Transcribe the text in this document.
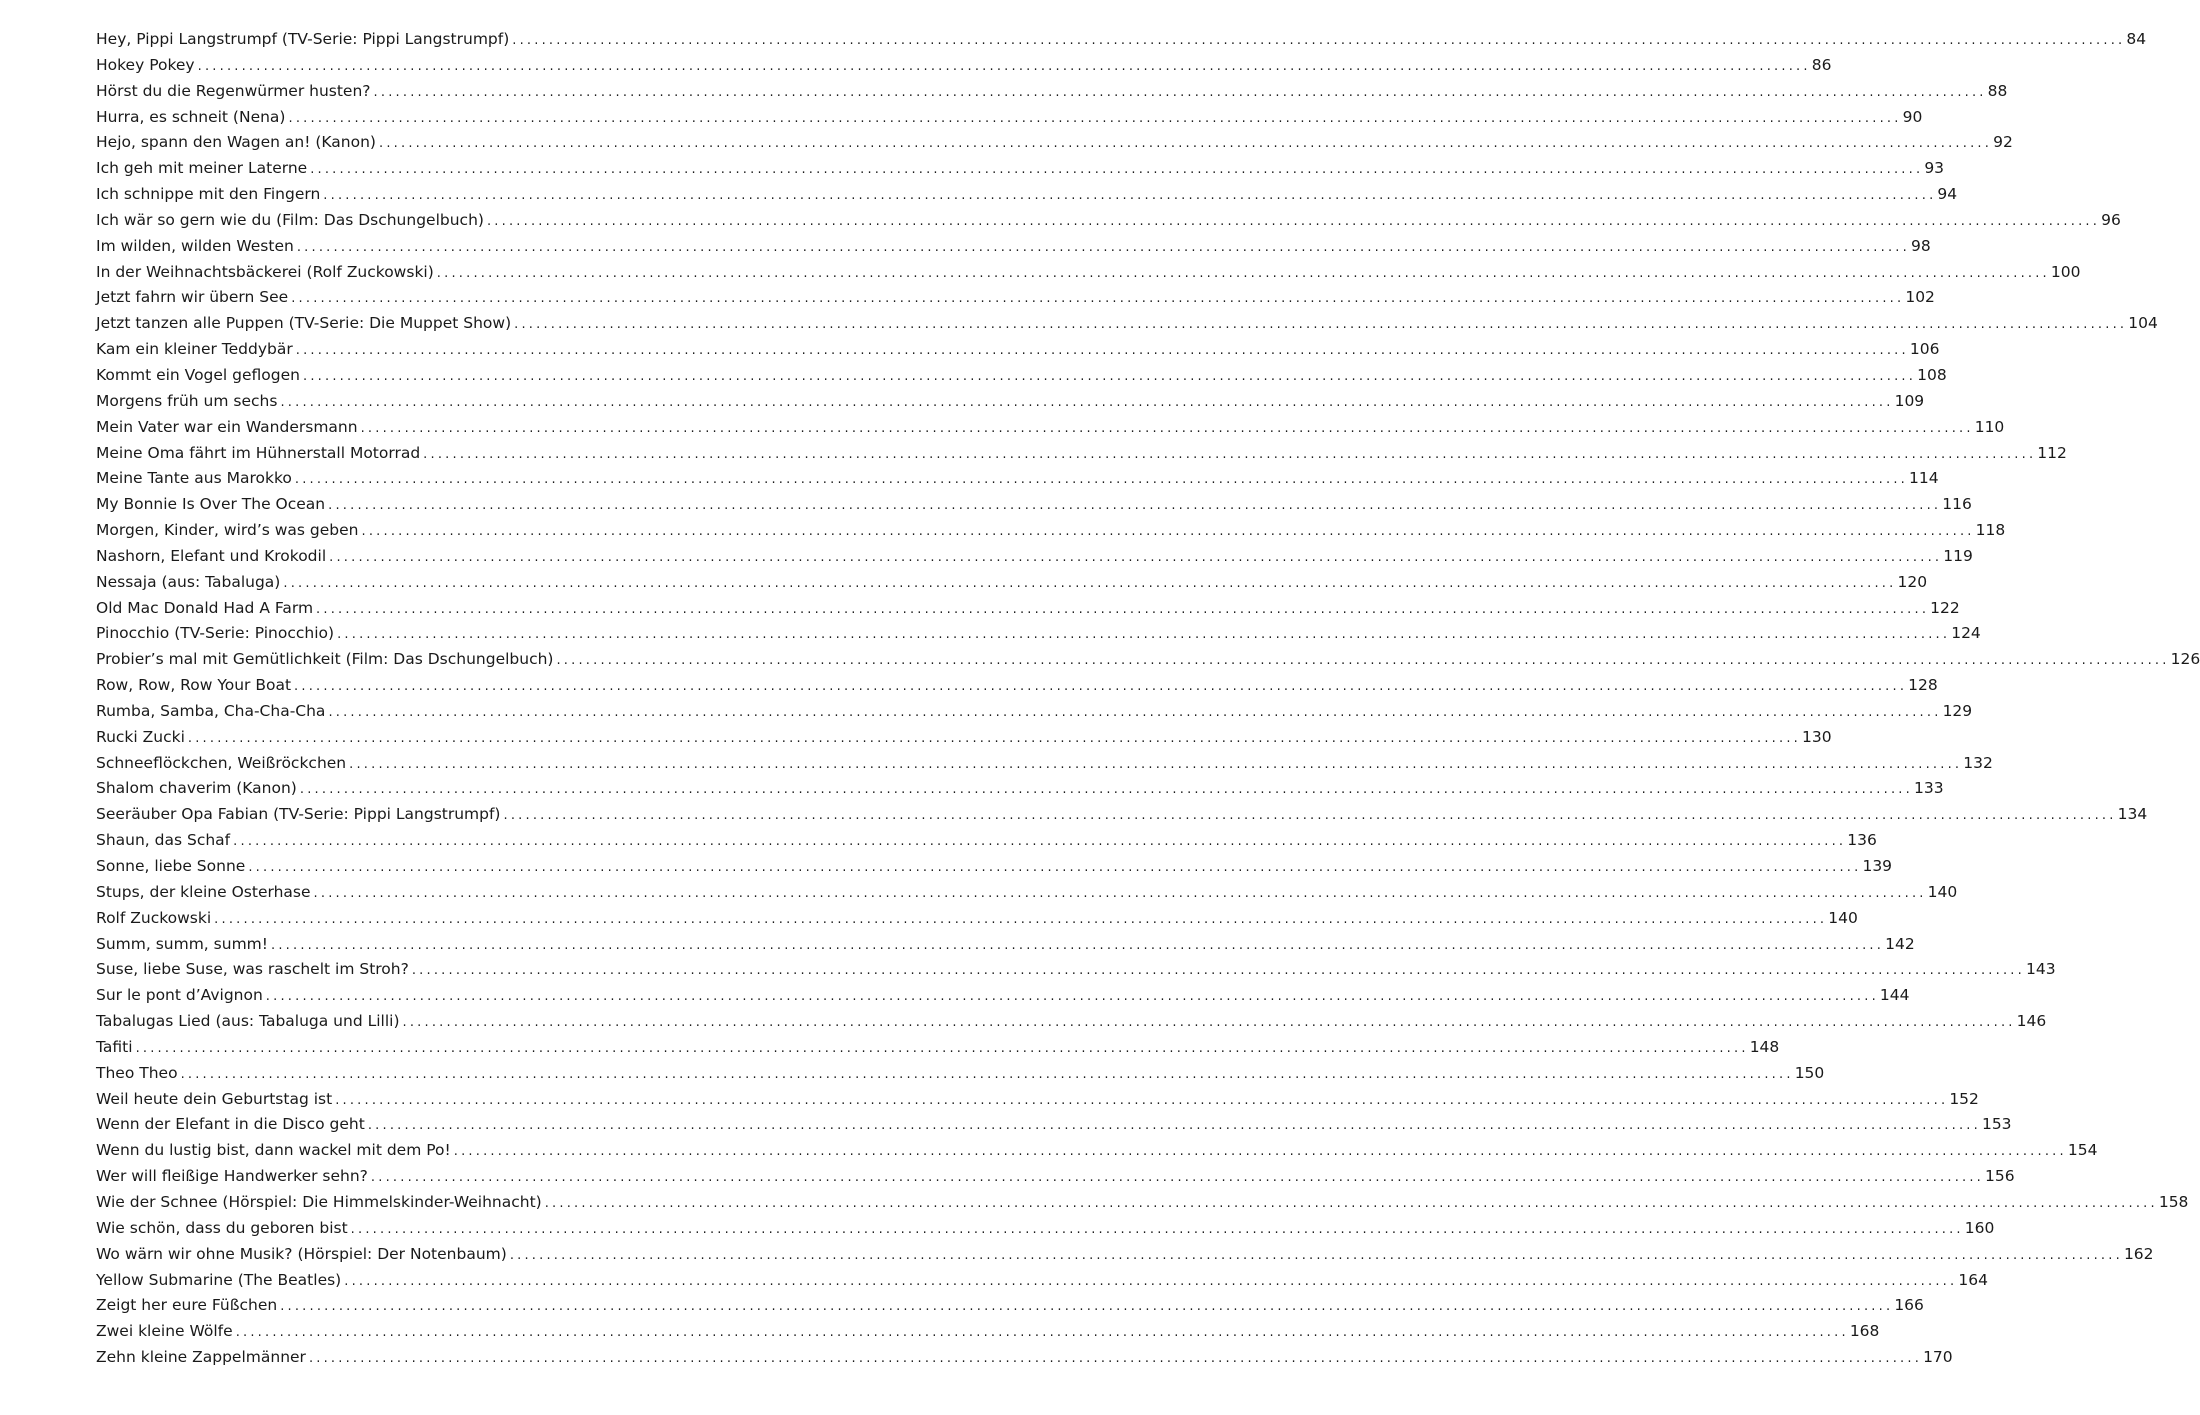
Hey, Pippi Langstrumpf (TV-Serie: Pippi Langstrumpf) ............................................................................................................................................................................................................................ 84
Hokey Pokey ............................................................................................................................................................................................................................ 86
Hörst du die Regenwürmer husten? ............................................................................................................................................................................................................................ 88
Hurra, es schneit (Nena) ............................................................................................................................................................................................................................ 90
Hejo, spann den Wagen an! (Kanon) ............................................................................................................................................................................................................................ 92
Ich geh mit meiner Laterne ............................................................................................................................................................................................................................ 93
Ich schnippe mit den Fingern ............................................................................................................................................................................................................................ 94
Ich wär so gern wie du (Film: Das Dschungelbuch) ............................................................................................................................................................................................................................ 96
Im wilden, wilden Westen ............................................................................................................................................................................................................................ 98
In der Weihnachtsbäckerei (Rolf Zuckowski) ............................................................................................................................................................................................................................ 100
Jetzt fahrn wir übern See ............................................................................................................................................................................................................................ 102
Jetzt tanzen alle Puppen (TV-Serie: Die Muppet Show) ............................................................................................................................................................................................................................ 104
Kam ein kleiner Teddybär ............................................................................................................................................................................................................................ 106
Kommt ein Vogel geflogen ............................................................................................................................................................................................................................ 108
Morgens früh um sechs ............................................................................................................................................................................................................................ 109
Mein Vater war ein Wandersmann ............................................................................................................................................................................................................................ 110
Meine Oma fährt im Hühnerstall Motorrad ............................................................................................................................................................................................................................ 112
Meine Tante aus Marokko ............................................................................................................................................................................................................................ 114
My Bonnie Is Over The Ocean ............................................................................................................................................................................................................................ 116
Morgen, Kinder, wird’s was geben ............................................................................................................................................................................................................................ 118
Nashorn, Elefant und Krokodil ............................................................................................................................................................................................................................ 119
Nessaja (aus: Tabaluga) ............................................................................................................................................................................................................................ 120
Old Mac Donald Had A Farm ............................................................................................................................................................................................................................ 122
Pinocchio (TV-Serie: Pinocchio) ............................................................................................................................................................................................................................ 124
Probier’s mal mit Gemütlichkeit (Film: Das Dschungelbuch) ............................................................................................................................................................................................................................ 126
Row, Row, Row Your Boat ............................................................................................................................................................................................................................ 128
Rumba, Samba, Cha-Cha-Cha ............................................................................................................................................................................................................................ 129
Rucki Zucki ............................................................................................................................................................................................................................ 130
Schneeflöckchen, Weißröckchen ............................................................................................................................................................................................................................ 132
Shalom chaverim (Kanon) ............................................................................................................................................................................................................................ 133
Seeräuber Opa Fabian (TV-Serie: Pippi Langstrumpf) ............................................................................................................................................................................................................................ 134
Shaun, das Schaf ............................................................................................................................................................................................................................ 136
Sonne, liebe Sonne ............................................................................................................................................................................................................................ 139
Stups, der kleine Osterhase ............................................................................................................................................................................................................................ 140
Rolf Zuckowski ............................................................................................................................................................................................................................ 140
Summ, summ, summ! ............................................................................................................................................................................................................................ 142
Suse, liebe Suse, was raschelt im Stroh? ............................................................................................................................................................................................................................ 143
Sur le pont d’Avignon ............................................................................................................................................................................................................................ 144
Tabalugas Lied (aus: Tabaluga und Lilli) ............................................................................................................................................................................................................................ 146
Tafiti ............................................................................................................................................................................................................................ 148
Theo Theo ............................................................................................................................................................................................................................ 150
Weil heute dein Geburtstag ist ............................................................................................................................................................................................................................ 152
Wenn der Elefant in die Disco geht ............................................................................................................................................................................................................................ 153
Wenn du lustig bist, dann wackel mit dem Po! ............................................................................................................................................................................................................................ 154
Wer will fleißige Handwerker sehn? ............................................................................................................................................................................................................................ 156
Wie der Schnee (Hörspiel: Die Himmelskinder-Weihnacht) ............................................................................................................................................................................................................................ 158
Wie schön, dass du geboren bist ............................................................................................................................................................................................................................ 160
Wo wärn wir ohne Musik? (Hörspiel: Der Notenbaum) ............................................................................................................................................................................................................................ 162
Yellow Submarine (The Beatles) ............................................................................................................................................................................................................................ 164
Zeigt her eure Füßchen ............................................................................................................................................................................................................................ 166
Zwei kleine Wölfe ............................................................................................................................................................................................................................ 168
Zehn kleine Zappelmänner ............................................................................................................................................................................................................................ 170
